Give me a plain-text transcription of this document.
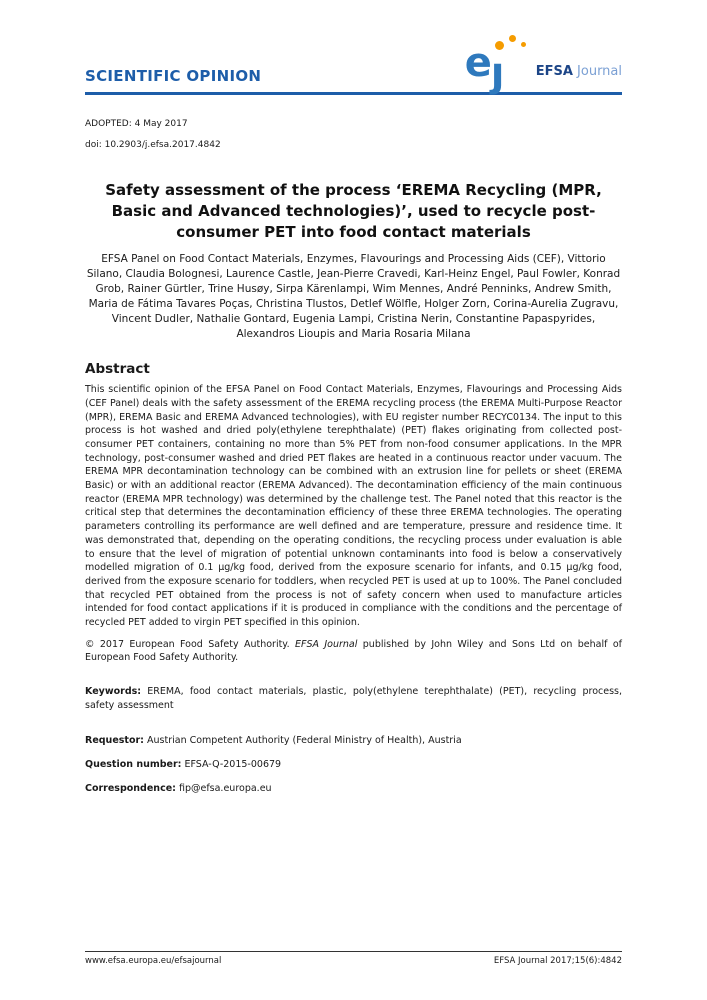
SCIENTIFIC OPINION	e
ȷ EFSA Journal
ADOPTED: 4 May 2017
doi: 10.2903/j.efsa.2017.4842
Safety assessment of the process ‘EREMA Recycling (MPR, Basic and Advanced technologies)’, used to recycle post-consumer PET into food contact materials
EFSA Panel on Food Contact Materials, Enzymes, Flavourings and Processing Aids (CEF), Vittorio Silano, Claudia Bolognesi, Laurence Castle, Jean-Pierre Cravedi, Karl-Heinz Engel, Paul Fowler, Konrad Grob, Rainer Gürtler, Trine Husøy, Sirpa Kärenlampi, Wim Mennes, André Penninks, Andrew Smith, Maria de Fátima Tavares Poças, Christina Tlustos, Detlef Wölfle, Holger Zorn, Corina-Aurelia Zugravu, Vincent Dudler, Nathalie Gontard, Eugenia Lampi, Cristina Nerin, Constantine Papaspyrides, Alexandros Lioupis and Maria Rosaria Milana
Abstract

This scientific opinion of the EFSA Panel on Food Contact Materials, Enzymes, Flavourings and Processing Aids (CEF Panel) deals with the safety assessment of the EREMA recycling process (the EREMA Multi-Purpose Reactor (MPR), EREMA Basic and EREMA Advanced technologies), with EU register number RECYC0134. The input to this process is hot washed and dried poly(ethylene terephthalate) (PET) flakes originating from collected post-consumer PET containers, containing no more than 5% PET from non-food consumer applications. In the MPR technology, post-consumer washed and dried PET flakes are heated in a continuous reactor under vacuum. The EREMA MPR decontamination technology can be combined with an extrusion line for pellets or sheet (EREMA Basic) or with an additional reactor (EREMA Advanced). The decontamination efficiency of the main continuous reactor (EREMA MPR technology) was determined by the challenge test. The Panel noted that this reactor is the critical step that determines the decontamination efficiency of these three EREMA technologies. The operating parameters controlling its performance are well defined and are temperature, pressure and residence time. It was demonstrated that, depending on the operating conditions, the recycling process under evaluation is able to ensure that the level of migration of potential unknown contaminants into food is below a conservatively modelled migration of 0.1 μg/kg food, derived from the exposure scenario for infants, and 0.15 μg/kg food, derived from the exposure scenario for toddlers, when recycled PET is used at up to 100%. The Panel concluded that recycled PET obtained from the process is not of safety concern when used to manufacture articles intended for food contact applications if it is produced in compliance with the conditions and the percentage of recycled PET added to virgin PET specified in this opinion.

© 2017 European Food Safety Authority. EFSA Journal published by John Wiley and Sons Ltd on behalf of European Food Safety Authority.

Keywords: EREMA, food contact materials, plastic, poly(ethylene terephthalate) (PET), recycling process, safety assessment

Requestor: Austrian Competent Authority (Federal Ministry of Health), Austria

Question number: EFSA-Q-2015-00679

Correspondence: fip@efsa.europa.eu

www.efsa.europa.eu/efsajournal	EFSA Journal 2017;15(6):4842
